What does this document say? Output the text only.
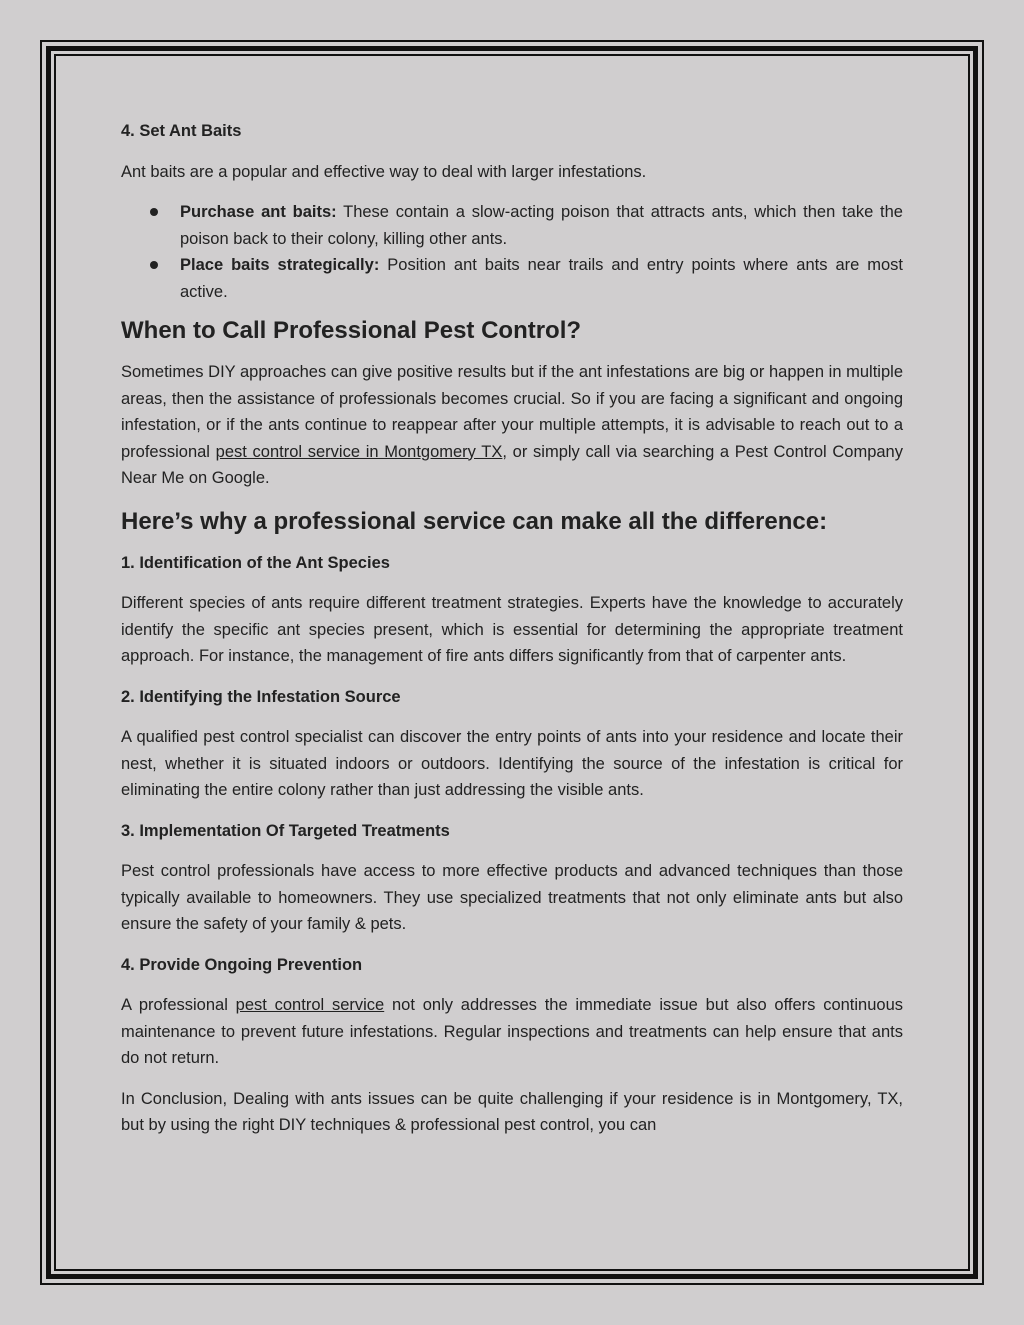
4. Set Ant Baits

Ant baits are a popular and effective way to deal with larger infestations.

Purchase ant baits: These contain a slow-acting poison that attracts ants, which then take the poison back to their colony, killing other ants.
Place baits strategically: Position ant baits near trails and entry points where ants are most active.
When to Call Professional Pest Control?

Sometimes DIY approaches can give positive results but if the ant infestations are big or happen in multiple areas, then the assistance of professionals becomes crucial. So if you are facing a significant and ongoing infestation, or if the ants continue to reappear after your multiple attempts, it is advisable to reach out to a professional pest control service in Montgomery TX, or simply call via searching a Pest Control Company Near Me on Google.

Here’s why a professional service can make all the difference:
1. Identification of the Ant Species

Different species of ants require different treatment strategies. Experts have the knowledge to accurately identify the specific ant species present, which is essential for determining the appropriate treatment approach. For instance, the management of fire ants differs significantly from that of carpenter ants.

2. Identifying the Infestation Source

A qualified pest control specialist can discover the entry points of ants into your residence and locate their nest, whether it is situated indoors or outdoors. Identifying the source of the infestation is critical for eliminating the entire colony rather than just addressing the visible ants.

3. Implementation Of Targeted Treatments

Pest control professionals have access to more effective products and advanced techniques than those typically available to homeowners. They use specialized treatments that not only eliminate ants but also ensure the safety of your family & pets.

4. Provide Ongoing Prevention

A professional pest control service not only addresses the immediate issue but also offers continuous maintenance to prevent future infestations. Regular inspections and treatments can help ensure that ants do not return.

In Conclusion, Dealing with ants issues can be quite challenging if your residence is in Montgomery, TX, but by using the right DIY techniques & professional pest control, you can
